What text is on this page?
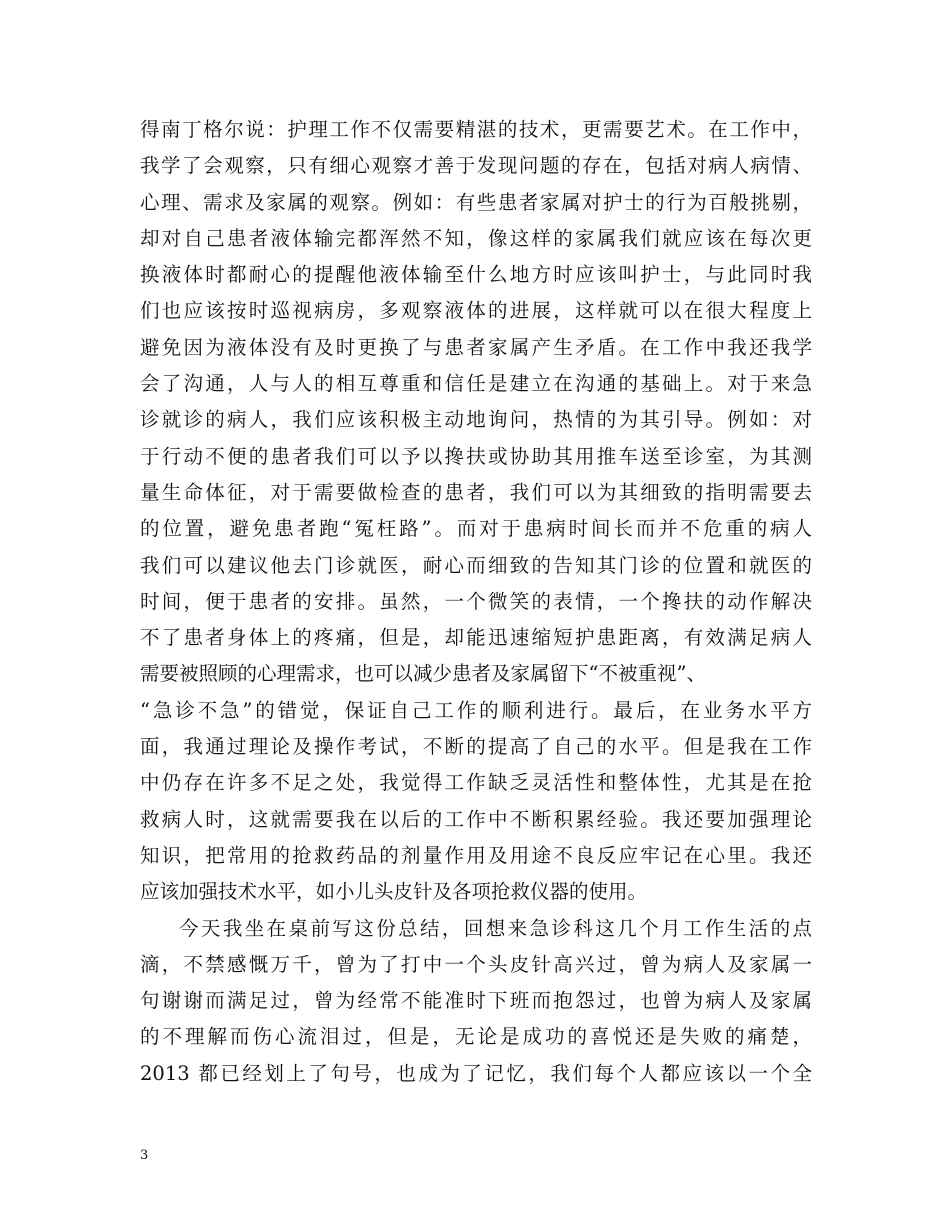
得南丁格尔说：护理工作不仅需要精湛的技术，更需要艺术。在工作中，
我学了会观察，只有细心观察才善于发现问题的存在，包括对病人病情、
心理、需求及家属的观察。例如：有些患者家属对护士的行为百般挑剔，
却对自己患者液体输完都浑然不知，像这样的家属我们就应该在每次更
换液体时都耐心的提醒他液体输至什么地方时应该叫护士，与此同时我
们也应该按时巡视病房，多观察液体的进展，这样就可以在很大程度上
避免因为液体没有及时更换了与患者家属产生矛盾。在工作中我还我学
会了沟通，人与人的相互尊重和信任是建立在沟通的基础上。对于来急
诊就诊的病人，我们应该积极主动地询问，热情的为其引导。例如：对
于行动不便的患者我们可以予以搀扶或协助其用推车送至诊室，为其测
量生命体征，对于需要做检查的患者，我们可以为其细致的指明需要去
的位置，避免患者跑“冤枉路”。而对于患病时间长而并不危重的病人
我们可以建议他去门诊就医，耐心而细致的告知其门诊的位置和就医的
时间，便于患者的安排。虽然，一个微笑的表情，一个搀扶的动作解决
不了患者身体上的疼痛，但是，却能迅速缩短护患距离，有效满足病人
需要被照顾的心理需求，也可以减少患者及家属留下“不被重视”、
“急诊不急”的错觉，保证自己工作的顺利进行。最后，在业务水平方
面，我通过理论及操作考试，不断的提高了自己的水平。但是我在工作
中仍存在许多不足之处，我觉得工作缺乏灵活性和整体性，尤其是在抢
救病人时，这就需要我在以后的工作中不断积累经验。我还要加强理论
知识，把常用的抢救药品的剂量作用及用途不良反应牢记在心里。我还
应该加强技术水平，如小儿头皮针及各项抢救仪器的使用。
今天我坐在桌前写这份总结，回想来急诊科这几个月工作生活的点
滴，不禁感慨万千，曾为了打中一个头皮针高兴过，曾为病人及家属一
句谢谢而满足过，曾为经常不能准时下班而抱怨过，也曾为病人及家属
的不理解而伤心流泪过，但是，无论是成功的喜悦还是失败的痛楚，
2013 都已经划上了句号，也成为了记忆，我们每个人都应该以一个全
3
